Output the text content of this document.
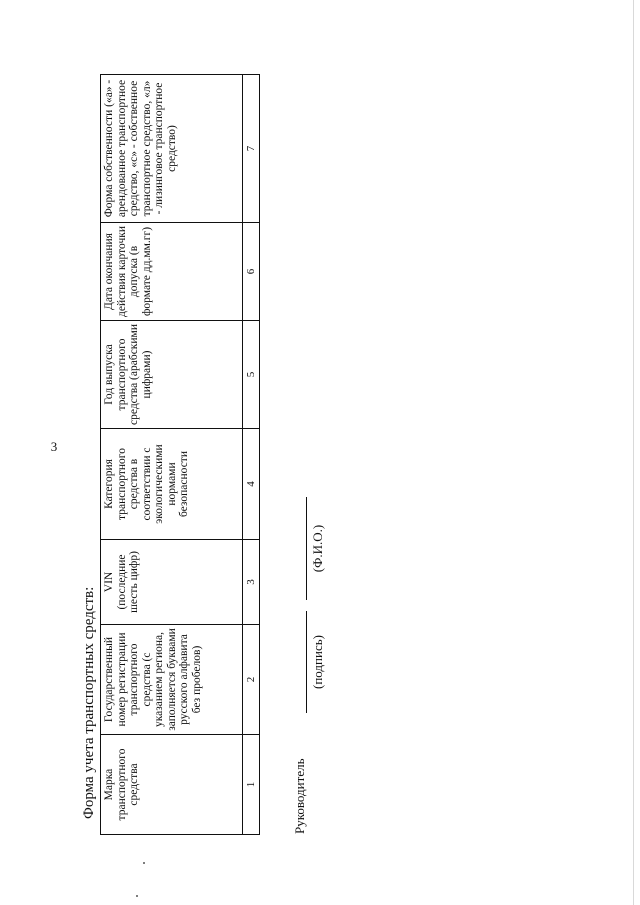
3
Форма учета транспортных средств: Марка транспортного средства	Государственный номер регистрации транспортного средства (с указанием региона, заполняется буквами русского алфавита без пробелов)	VIN (последние шесть цифр)	Категория транспортного средства в соответствии с экологическими нормами безопасности	Год выпуска транспортного средства (арабскими цифрами)	Дата окончания действия карточки допуска (в формате дд.мм.гг)	Форма собственности («а» - арендованное транспортное средство, «с» - собственное транспортное средство, «л» - лизинговое транспортное средство)
1	2	3	4	5	6	7
Руководитель
(подпись)
(Ф.И.О.)
